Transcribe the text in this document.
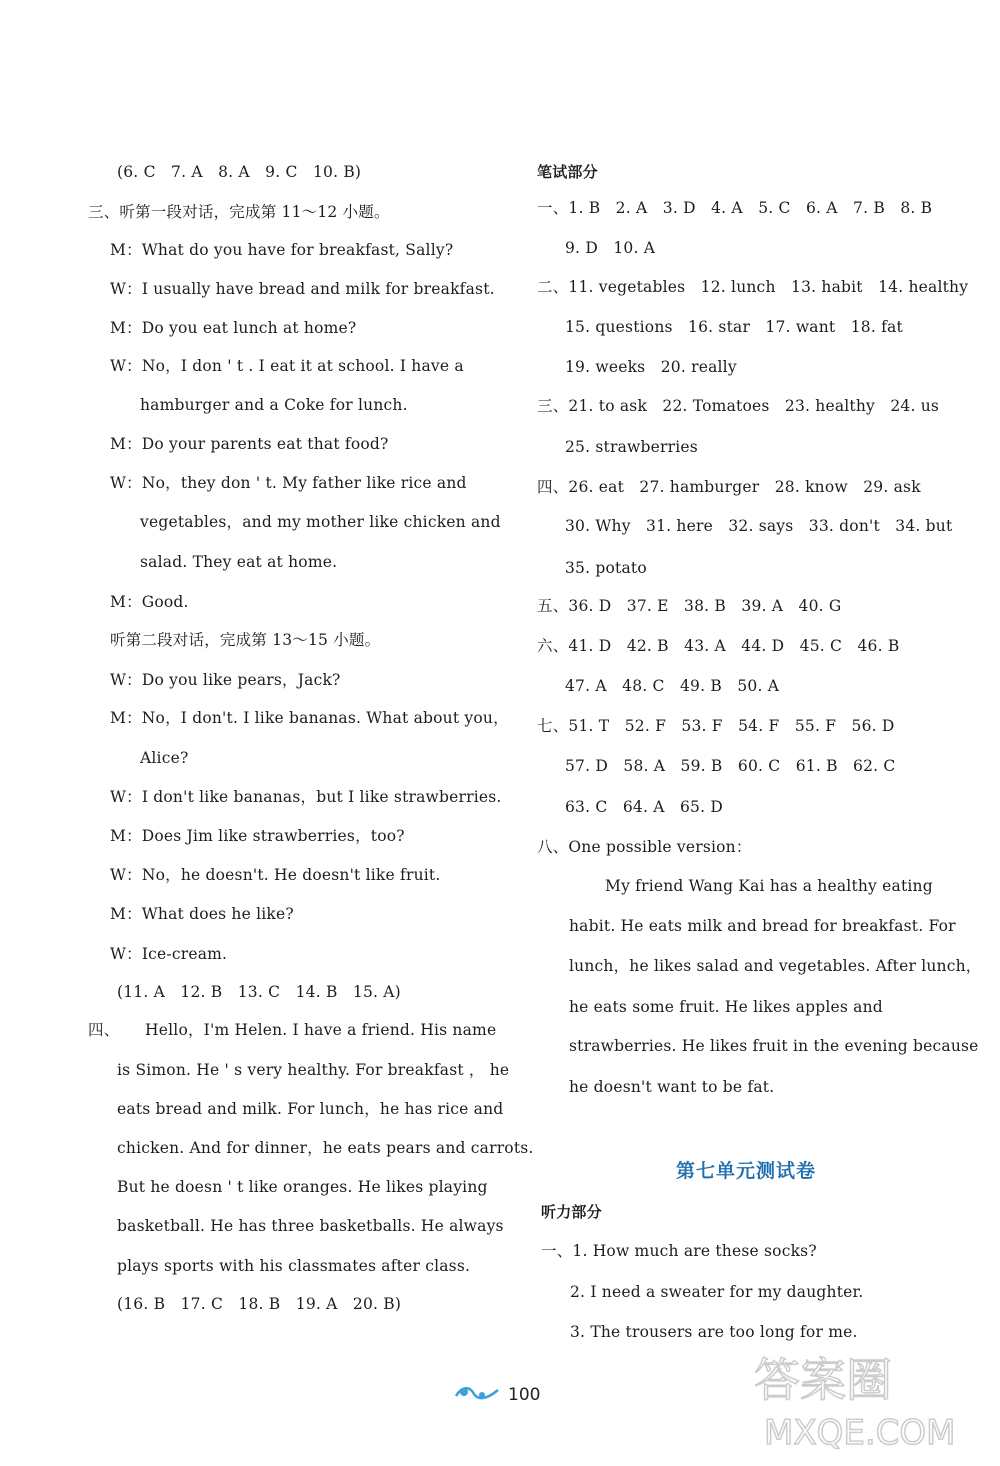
(6. C   7. A   8. A   9. C   10. B)
三、听第一段对话，完成第 11～12 小题。
M：What do you have for breakfast, Sally?
W：I usually have bread and milk for breakfast.
M：Do you eat lunch at home?
W：No，I don ' t . I eat it at school. I have a
hamburger and a Coke for lunch.
M：Do your parents eat that food?
W：No，they don ' t. My father like rice and
vegetables，and my mother like chicken and
salad. They eat at home.
M：Good.
听第二段对话，完成第 13～15 小题。
W：Do you like pears，Jack?
M：No，I don't. I like bananas. What about you，
Alice?
W：I don't like bananas，but I like strawberries.
M：Does Jim like strawberries，too?
W：No，he doesn't. He doesn't like fruit.
M：What does he like?
W：Ice-cream.
(11. A   12. B   13. C   14. B   15. A)
四、     Hello，I'm Helen. I have a friend. His name
is Simon. He ' s very healthy. For breakfast ， he
eats bread and milk. For lunch，he has rice and
chicken. And for dinner，he eats pears and carrots.
But he doesn ' t like oranges. He likes playing
basketball. He has three basketballs. He always
plays sports with his classmates after class.
(16. B   17. C   18. B   19. A   20. B)
笔试部分
一、1. B   2. A   3. D   4. A   5. C   6. A   7. B   8. B
9. D   10. A
二、11. vegetables   12. lunch   13. habit   14. healthy
15. questions   16. star   17. want   18. fat
19. weeks   20. really
三、21. to ask   22. Tomatoes   23. healthy   24. us
25. strawberries
四、26. eat   27. hamburger   28. know   29. ask
30. Why   31. here   32. says   33. don't   34. but
35. potato
五、36. D   37. E   38. B   39. A   40. G
六、41. D   42. B   43. A   44. D   45. C   46. B
47. A   48. C   49. B   50. A
七、51. T   52. F   53. F   54. F   55. F   56. D
57. D   58. A   59. B   60. C   61. B   62. C
63. C   64. A   65. D
八、One possible version：
My friend Wang Kai has a healthy eating
habit. He eats milk and bread for breakfast. For
lunch，he likes salad and vegetables. After lunch，
he eats some fruit. He likes apples and
strawberries. He likes fruit in the evening because
he doesn't want to be fat.
听力部分
一、1. How much are these socks?
2. I need a sweater for my daughter.
3. The trousers are too long for me.
第七单元测试卷
100	答案圈
MXQE.COM
